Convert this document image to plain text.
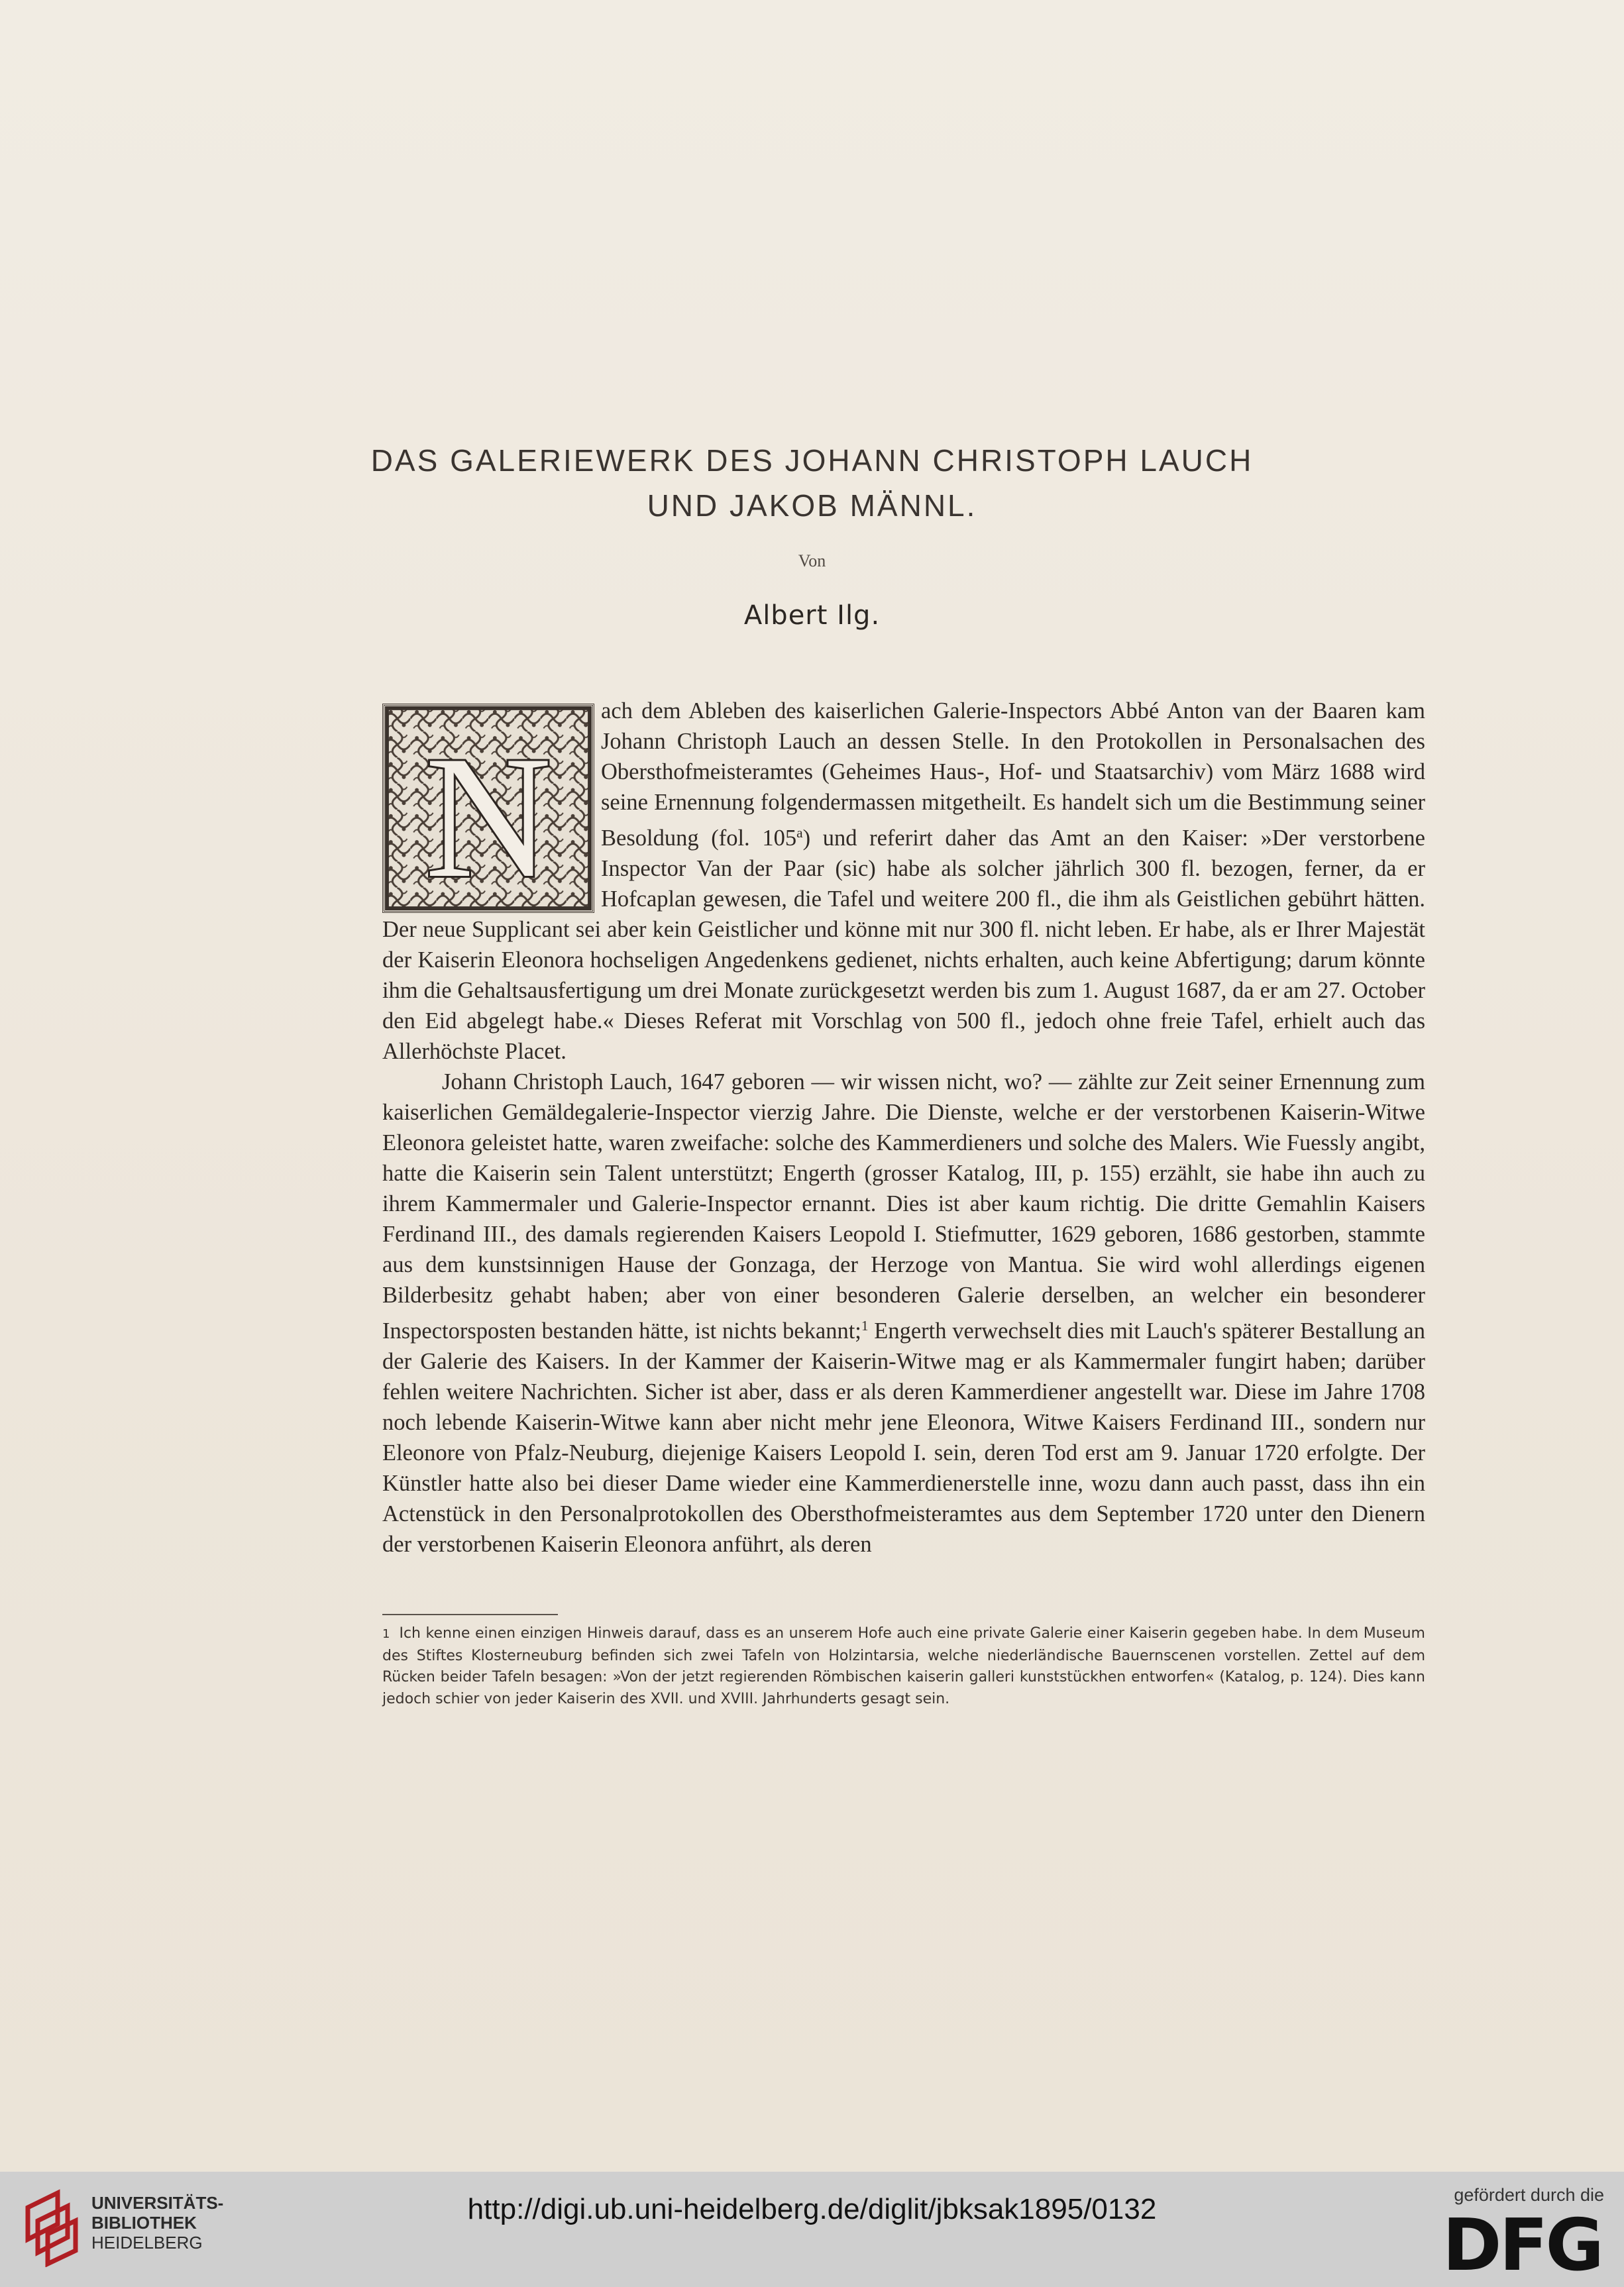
DAS GALERIEWERK DES JOHANN CHRISTOPH LAUCH
UND JAKOB MÄNNL.
Von
Albert Ilg.
N

ach dem Ableben des kaiserlichen Galerie-Inspectors Abbé Anton van der Baaren kam Johann Christoph Lauch an dessen Stelle. In den Protokollen in Personalsachen des Obersthofmeisteramtes (Geheimes Haus-, Hof- und Staatsarchiv) vom März 1688 wird seine Ernennung folgendermassen mitgetheilt. Es handelt sich um die Bestimmung seiner Besoldung (fol. 105$^a$) und referirt daher das Amt an den Kaiser: »Der verstorbene Inspector Van der Paar (sic) habe als solcher jährlich 300 fl. bezogen, ferner, da er Hofcaplan gewesen, die Tafel und weitere 200 fl., die ihm als Geistlichen gebührt hätten. Der neue Supplicant sei aber kein Geistlicher und könne mit nur 300 fl. nicht leben. Er habe, als er Ihrer Majestät der Kaiserin Eleonora hochseligen Angedenkens gedienet, nichts erhalten, auch keine Abfertigung; darum könnte ihm die Gehaltsausfertigung um drei Monate zurückgesetzt werden bis zum 1. August 1687, da er am 27. October den Eid abgelegt habe.« Dieses Referat mit Vorschlag von 500 fl., jedoch ohne freie Tafel, erhielt auch das Allerhöchste Placet.

Johann Christoph Lauch, 1647 geboren — wir wissen nicht, wo? — zählte zur Zeit seiner Ernennung zum kaiserlichen Gemäldegalerie-Inspector vierzig Jahre. Die Dienste, welche er der verstorbenen Kaiserin-Witwe Eleonora geleistet hatte, waren zweifache: solche des Kammerdieners und solche des Malers. Wie Fuessly angibt, hatte die Kaiserin sein Talent unterstützt; Engerth (grosser Katalog, III, p. 155) erzählt, sie habe ihn auch zu ihrem Kammermaler und Galerie-Inspector ernannt. Dies ist aber kaum richtig. Die dritte Gemahlin Kaisers Ferdinand III., des damals regierenden Kaisers Leopold I. Stiefmutter, 1629 geboren, 1686 gestorben, stammte aus dem kunstsinnigen Hause der Gonzaga, der Herzoge von Mantua. Sie wird wohl allerdings eigenen Bilderbesitz gehabt haben; aber von einer besonderen Galerie derselben, an welcher ein besonderer Inspectorsposten bestanden hätte, ist nichts bekannt;$^1$ Engerth verwechselt dies mit Lauch's späterer Bestallung an der Galerie des Kaisers. In der Kammer der Kaiserin-Witwe mag er als Kammermaler fungirt haben; darüber fehlen weitere Nachrichten. Sicher ist aber, dass er als deren Kammerdiener angestellt war. Diese im Jahre 1708 noch lebende Kaiserin-Witwe kann aber nicht mehr jene Eleonora, Witwe Kaisers Ferdinand III., sondern nur Eleonore von Pfalz-Neuburg, diejenige Kaisers Leopold I. sein, deren Tod erst am 9. Januar 1720 erfolgte. Der Künstler hatte also bei dieser Dame wieder eine Kammerdienerstelle inne, wozu dann auch passt, dass ihn ein Actenstück in den Personalprotokollen des Obersthofmeisteramtes aus dem September 1720 unter den Dienern der verstorbenen Kaiserin Eleonora anführt, als deren

1 Ich kenne einen einzigen Hinweis darauf, dass es an unserem Hofe auch eine private Galerie einer Kaiserin gegeben habe. In dem Museum des Stiftes Klosterneuburg befinden sich zwei Tafeln von Holzintarsia, welche niederländische Bauernscenen vorstellen. Zettel auf dem Rücken beider Tafeln besagen: »Von der jetzt regierenden Römbischen kaiserin galleri kunststückhen entworfen« (Katalog, p. 124). Dies kann jedoch schier von jeder Kaiserin des XVII. und XVIII. Jahrhunderts gesagt sein.
UNIVERSITÄTS-
BIBLIOTHEK
HEIDELBERG
http://digi.ub.uni-heidelberg.de/diglit/jbksak1895/0132	gefördert durch die
DFG
